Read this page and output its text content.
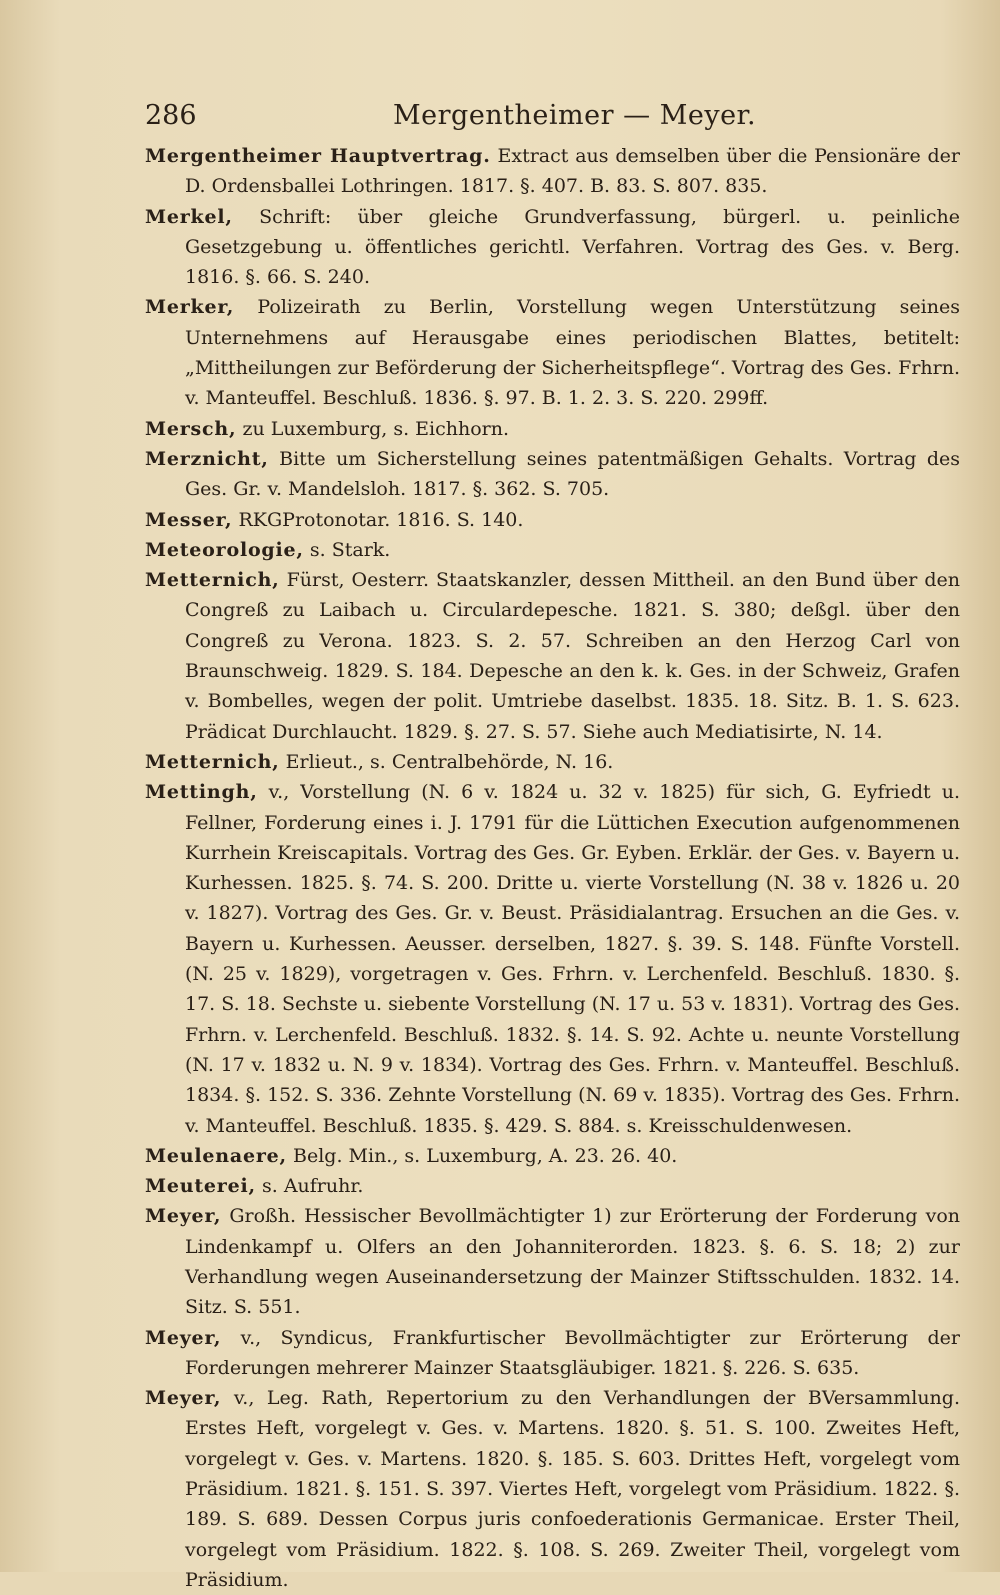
286	Mergentheimer — Meyer.

Mergentheimer Hauptvertrag. Extract aus demselben über die Pensionäre der D. Ordensballei Lothringen. 1817. §. 407. B. 83. S. 807. 835.

Merkel, Schrift: über gleiche Grundverfassung, bürgerl. u. peinliche Gesetzgebung u. öffentliches gerichtl. Verfahren. Vortrag des Ges. v. Berg. 1816. §. 66. S. 240.

Merker, Polizeirath zu Berlin, Vorstellung wegen Unterstützung seines Unternehmens auf Herausgabe eines periodischen Blattes, betitelt: „Mittheilungen zur Beförderung der Sicherheitspflege“. Vortrag des Ges. Frhrn. v. Manteuffel. Beschluß. 1836. §. 97. B. 1. 2. 3. S. 220. 299ff.

Mersch, zu Luxemburg, s. Eichhorn.

Merznicht, Bitte um Sicherstellung seines patentmäßigen Gehalts. Vortrag des Ges. Gr. v. Mandelsloh. 1817. §. 362. S. 705.

Messer, RKGProtonotar. 1816. S. 140.

Meteorologie, s. Stark.

Metternich, Fürst, Oesterr. Staatskanzler, dessen Mittheil. an den Bund über den Congreß zu Laibach u. Circulardepesche. 1821. S. 380; deßgl. über den Congreß zu Verona. 1823. S. 2. 57. Schreiben an den Herzog Carl von Braunschweig. 1829. S. 184. Depesche an den k. k. Ges. in der Schweiz, Grafen v. Bombelles, wegen der polit. Umtriebe daselbst. 1835. 18. Sitz. B. 1. S. 623. Prädicat Durchlaucht. 1829. §. 27. S. 57. Siehe auch Mediatisirte, N. 14.

Metternich, Erlieut., s. Centralbehörde, N. 16.

Mettingh, v., Vorstellung (N. 6 v. 1824 u. 32 v. 1825) für sich, G. Eyfriedt u. Fellner, Forderung eines i. J. 1791 für die Lüttichen Execution aufgenommenen Kurrhein Kreiscapitals. Vortrag des Ges. Gr. Eyben. Erklär. der Ges. v. Bayern u. Kurhessen. 1825. §. 74. S. 200. Dritte u. vierte Vorstellung (N. 38 v. 1826 u. 20 v. 1827). Vortrag des Ges. Gr. v. Beust. Präsidialantrag. Ersuchen an die Ges. v. Bayern u. Kurhessen. Aeusser. derselben, 1827. §. 39. S. 148. Fünfte Vorstell. (N. 25 v. 1829), vorgetragen v. Ges. Frhrn. v. Lerchenfeld. Beschluß. 1830. §. 17. S. 18. Sechste u. siebente Vorstellung (N. 17 u. 53 v. 1831). Vortrag des Ges. Frhrn. v. Lerchenfeld. Beschluß. 1832. §. 14. S. 92. Achte u. neunte Vorstellung (N. 17 v. 1832 u. N. 9 v. 1834). Vortrag des Ges. Frhrn. v. Manteuffel. Beschluß. 1834. §. 152. S. 336. Zehnte Vorstellung (N. 69 v. 1835). Vortrag des Ges. Frhrn. v. Manteuffel. Beschluß. 1835. §. 429. S. 884. s. Kreisschuldenwesen.

Meulenaere, Belg. Min., s. Luxemburg, A. 23. 26. 40.

Meuterei, s. Aufruhr.

Meyer, Großh. Hessischer Bevollmächtigter 1) zur Erörterung der Forderung von Lindenkampf u. Olfers an den Johanniterorden. 1823. §. 6. S. 18; 2) zur Verhandlung wegen Auseinandersetzung der Mainzer Stiftsschulden. 1832. 14. Sitz. S. 551.

Meyer, v., Syndicus, Frankfurtischer Bevollmächtigter zur Erörterung der Forderungen mehrerer Mainzer Staatsgläubiger. 1821. §. 226. S. 635.

Meyer, v., Leg. Rath, Repertorium zu den Verhandlungen der BVersammlung. Erstes Heft, vorgelegt v. Ges. v. Martens. 1820. §. 51. S. 100. Zweites Heft, vorgelegt v. Ges. v. Martens. 1820. §. 185. S. 603. Drittes Heft, vorgelegt vom Präsidium. 1821. §. 151. S. 397. Viertes Heft, vorgelegt vom Präsidium. 1822. §. 189. S. 689. Dessen Corpus juris confoederationis Germanicae. Erster Theil, vorgelegt vom Präsidium. 1822. §. 108. S. 269. Zweiter Theil, vorgelegt vom Präsidium.
